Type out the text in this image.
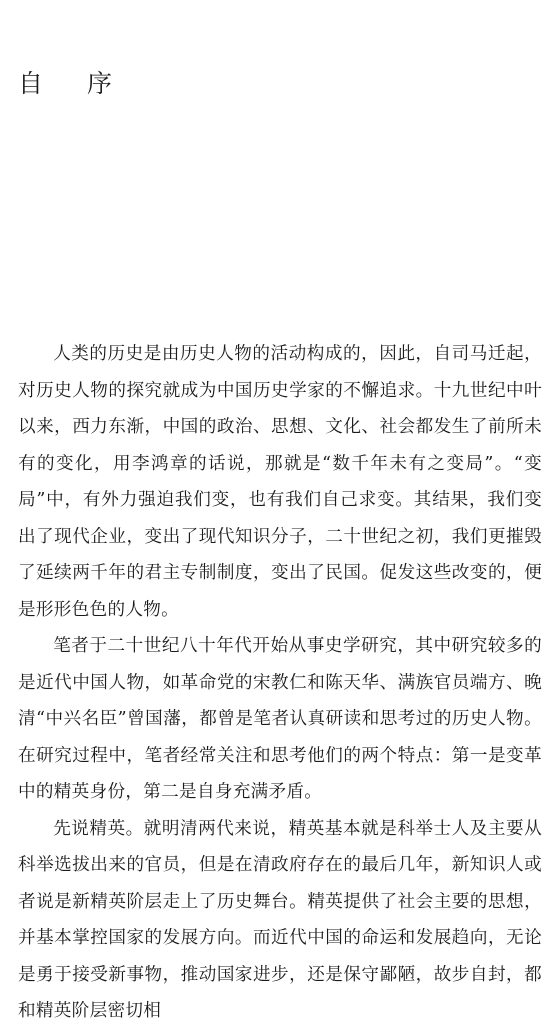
自 序

人类的历史是由历史人物的活动构成的，因此，自司马迁起，对历史人物的探究就成为中国历史学家的不懈追求。十九世纪中叶以来，西力东渐，中国的政治、思想、文化、社会都发生了前所未有的变化，用李鸿章的话说，那就是“数千年未有之变局”。“变局”中，有外力强迫我们变，也有我们自己求变。其结果，我们变出了现代企业，变出了现代知识分子，二十世纪之初，我们更摧毁了延续两千年的君主专制制度，变出了民国。促发这些改变的，便是形形色色的人物。

笔者于二十世纪八十年代开始从事史学研究，其中研究较多的是近代中国人物，如革命党的宋教仁和陈天华、满族官员端方、晚清“中兴名臣”曾国藩，都曾是笔者认真研读和思考过的历史人物。在研究过程中，笔者经常关注和思考他们的两个特点：第一是变革中的精英身份，第二是自身充满矛盾。

先说精英。就明清两代来说，精英基本就是科举士人及主要从科举选拔出来的官员，但是在清政府存在的最后几年，新知识人或者说是新精英阶层走上了历史舞台。精英提供了社会主要的思想，并基本掌控国家的发展方向。而近代中国的命运和发展趋向，无论是勇于接受新事物，推动国家进步，还是保守鄙陋，故步自封，都和精英阶层密切相
